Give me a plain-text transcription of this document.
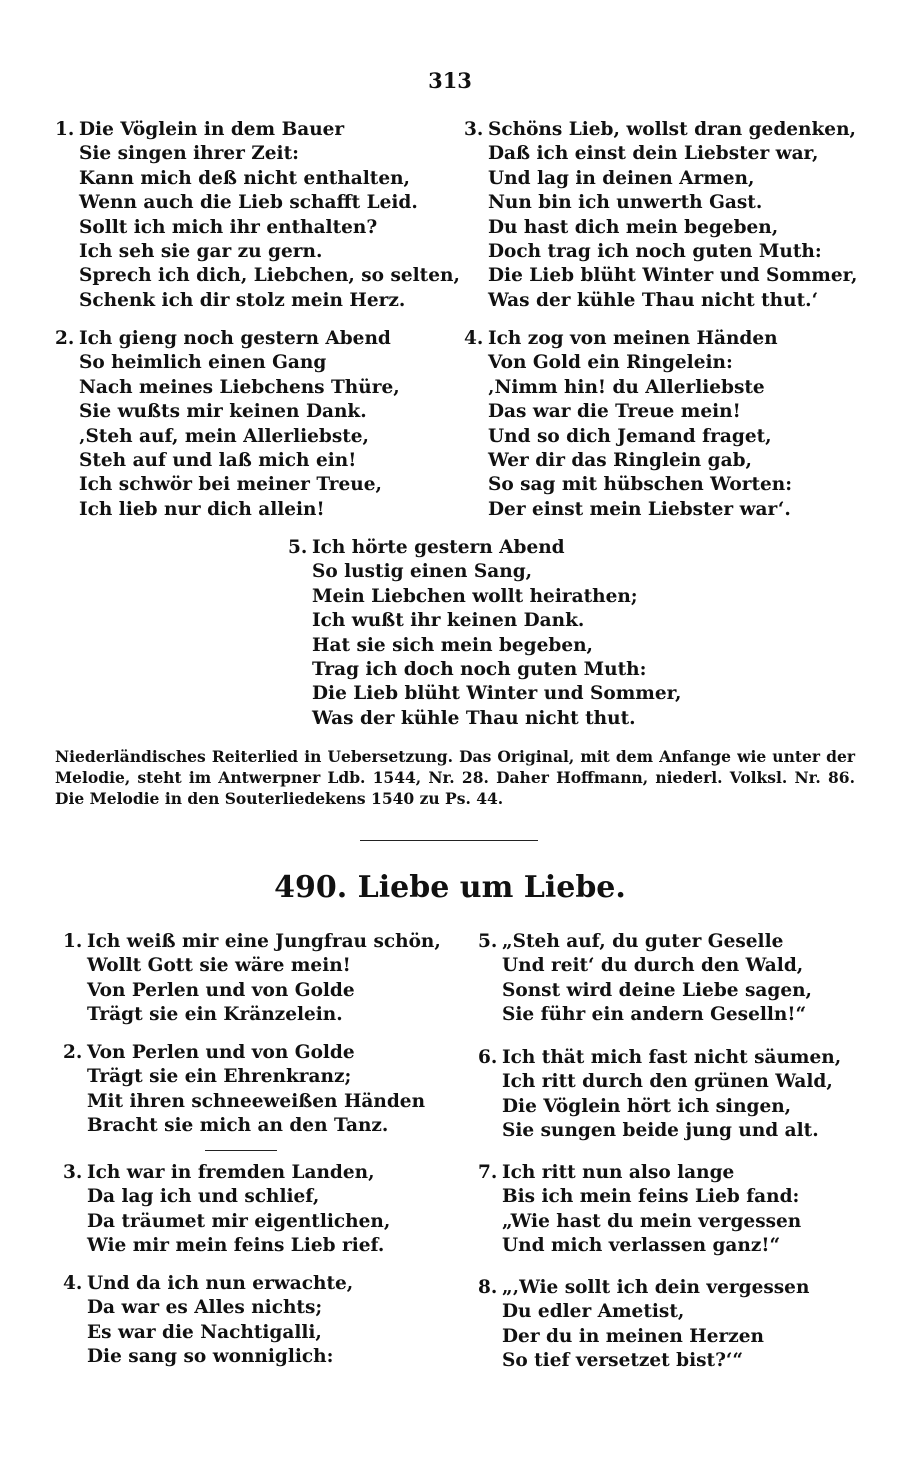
313
1. Die Vöglein in dem Bauer
Sie singen ihrer Zeit:
Kann mich deß nicht enthalten,
Wenn auch die Lieb schafft Leid.
Sollt ich mich ihr enthalten?
Ich seh sie gar zu gern.
Sprech ich dich, Liebchen, so selten,
Schenk ich dir stolz mein Herz.
2. Ich gieng noch gestern Abend
So heimlich einen Gang
Nach meines Liebchens Thüre,
Sie wußts mir keinen Dank.
‚Steh auf, mein Allerliebste,
Steh auf und laß mich ein!
Ich schwör bei meiner Treue,
Ich lieb nur dich allein!
3. Schöns Lieb, wollst dran gedenken,
Daß ich einst dein Liebster war,
Und lag in deinen Armen,
Nun bin ich unwerth Gast.
Du hast dich mein begeben,
Doch trag ich noch guten Muth:
Die Lieb blüht Winter und Sommer,
Was der kühle Thau nicht thut.‘
4. Ich zog von meinen Händen
Von Gold ein Ringelein:
‚Nimm hin! du Allerliebste
Das war die Treue mein!
Und so dich Jemand fraget,
Wer dir das Ringlein gab,
So sag mit hübschen Worten:
Der einst mein Liebster war‘.
5. Ich hörte gestern Abend
So lustig einen Sang,
Mein Liebchen wollt heirathen;
Ich wußt ihr keinen Dank.
Hat sie sich mein begeben,
Trag ich doch noch guten Muth:
Die Lieb blüht Winter und Sommer,
Was der kühle Thau nicht thut.
Niederländisches Reiterlied in Uebersetzung. Das Original, mit dem Anfange wie unter der Melodie, steht im Antwerpner Ldb. 1544, Nr. 28. Daher Hoffmann, niederl. Volksl. Nr. 86. Die Melodie in den Souterliedekens 1540 zu Ps. 44.
490. Liebe um Liebe.
1. Ich weiß mir eine Jungfrau schön,
Wollt Gott sie wäre mein!
Von Perlen und von Golde
Trägt sie ein Kränzelein.
2. Von Perlen und von Golde
Trägt sie ein Ehrenkranz;
Mit ihren schneeweißen Händen
Bracht sie mich an den Tanz.
3. Ich war in fremden Landen,
Da lag ich und schlief,
Da träumet mir eigentlichen,
Wie mir mein feins Lieb rief.
4. Und da ich nun erwachte,
Da war es Alles nichts;
Es war die Nachtigalli,
Die sang so wonniglich:
5. „Steh auf, du guter Geselle
Und reit‘ du durch den Wald,
Sonst wird deine Liebe sagen,
Sie führ ein andern Geselln!“
6. Ich thät mich fast nicht säumen,
Ich ritt durch den grünen Wald,
Die Vöglein hört ich singen,
Sie sungen beide jung und alt.
7. Ich ritt nun also lange
Bis ich mein feins Lieb fand:
„Wie hast du mein vergessen
Und mich verlassen ganz!“
8. „‚Wie sollt ich dein vergessen
Du edler Ametist,
Der du in meinen Herzen
So tief versetzet bist?‘“
